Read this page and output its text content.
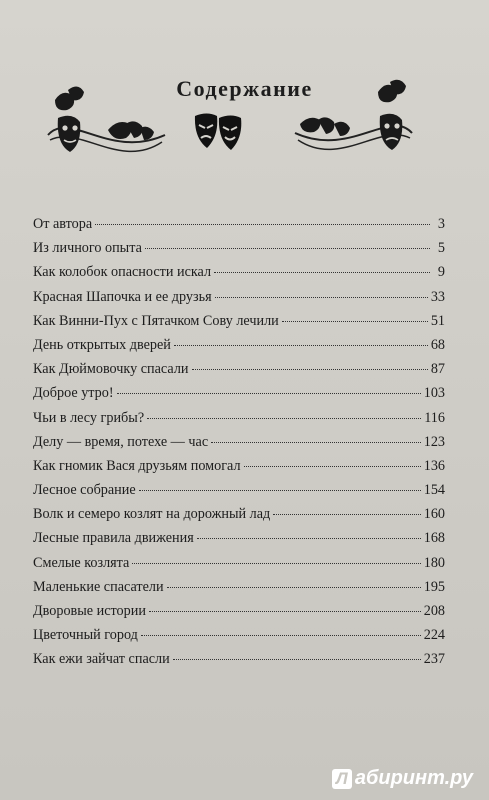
Содержание
От автора	3
Из личного опыта	5
Как колобок опасности искал	9
Красная Шапочка и ее друзья	33
Как Винни-Пух с Пятачком Сову лечили	51
День открытых дверей	68
Как Дюймовочку спасали	87
Доброе утро!	103
Чьи в лесу грибы?	116
Делу — время, потехе — час	123
Как гномик Вася друзьям помогал	136
Лесное собрание	154
Волк и семеро козлят на дорожный лад	160
Лесные правила движения	168
Смелые козлята	180
Маленькие спасатели	195
Дворовые истории	208
Цветочный город	224
Как ежи зайчат спасли	237
Л абиринт.ру
